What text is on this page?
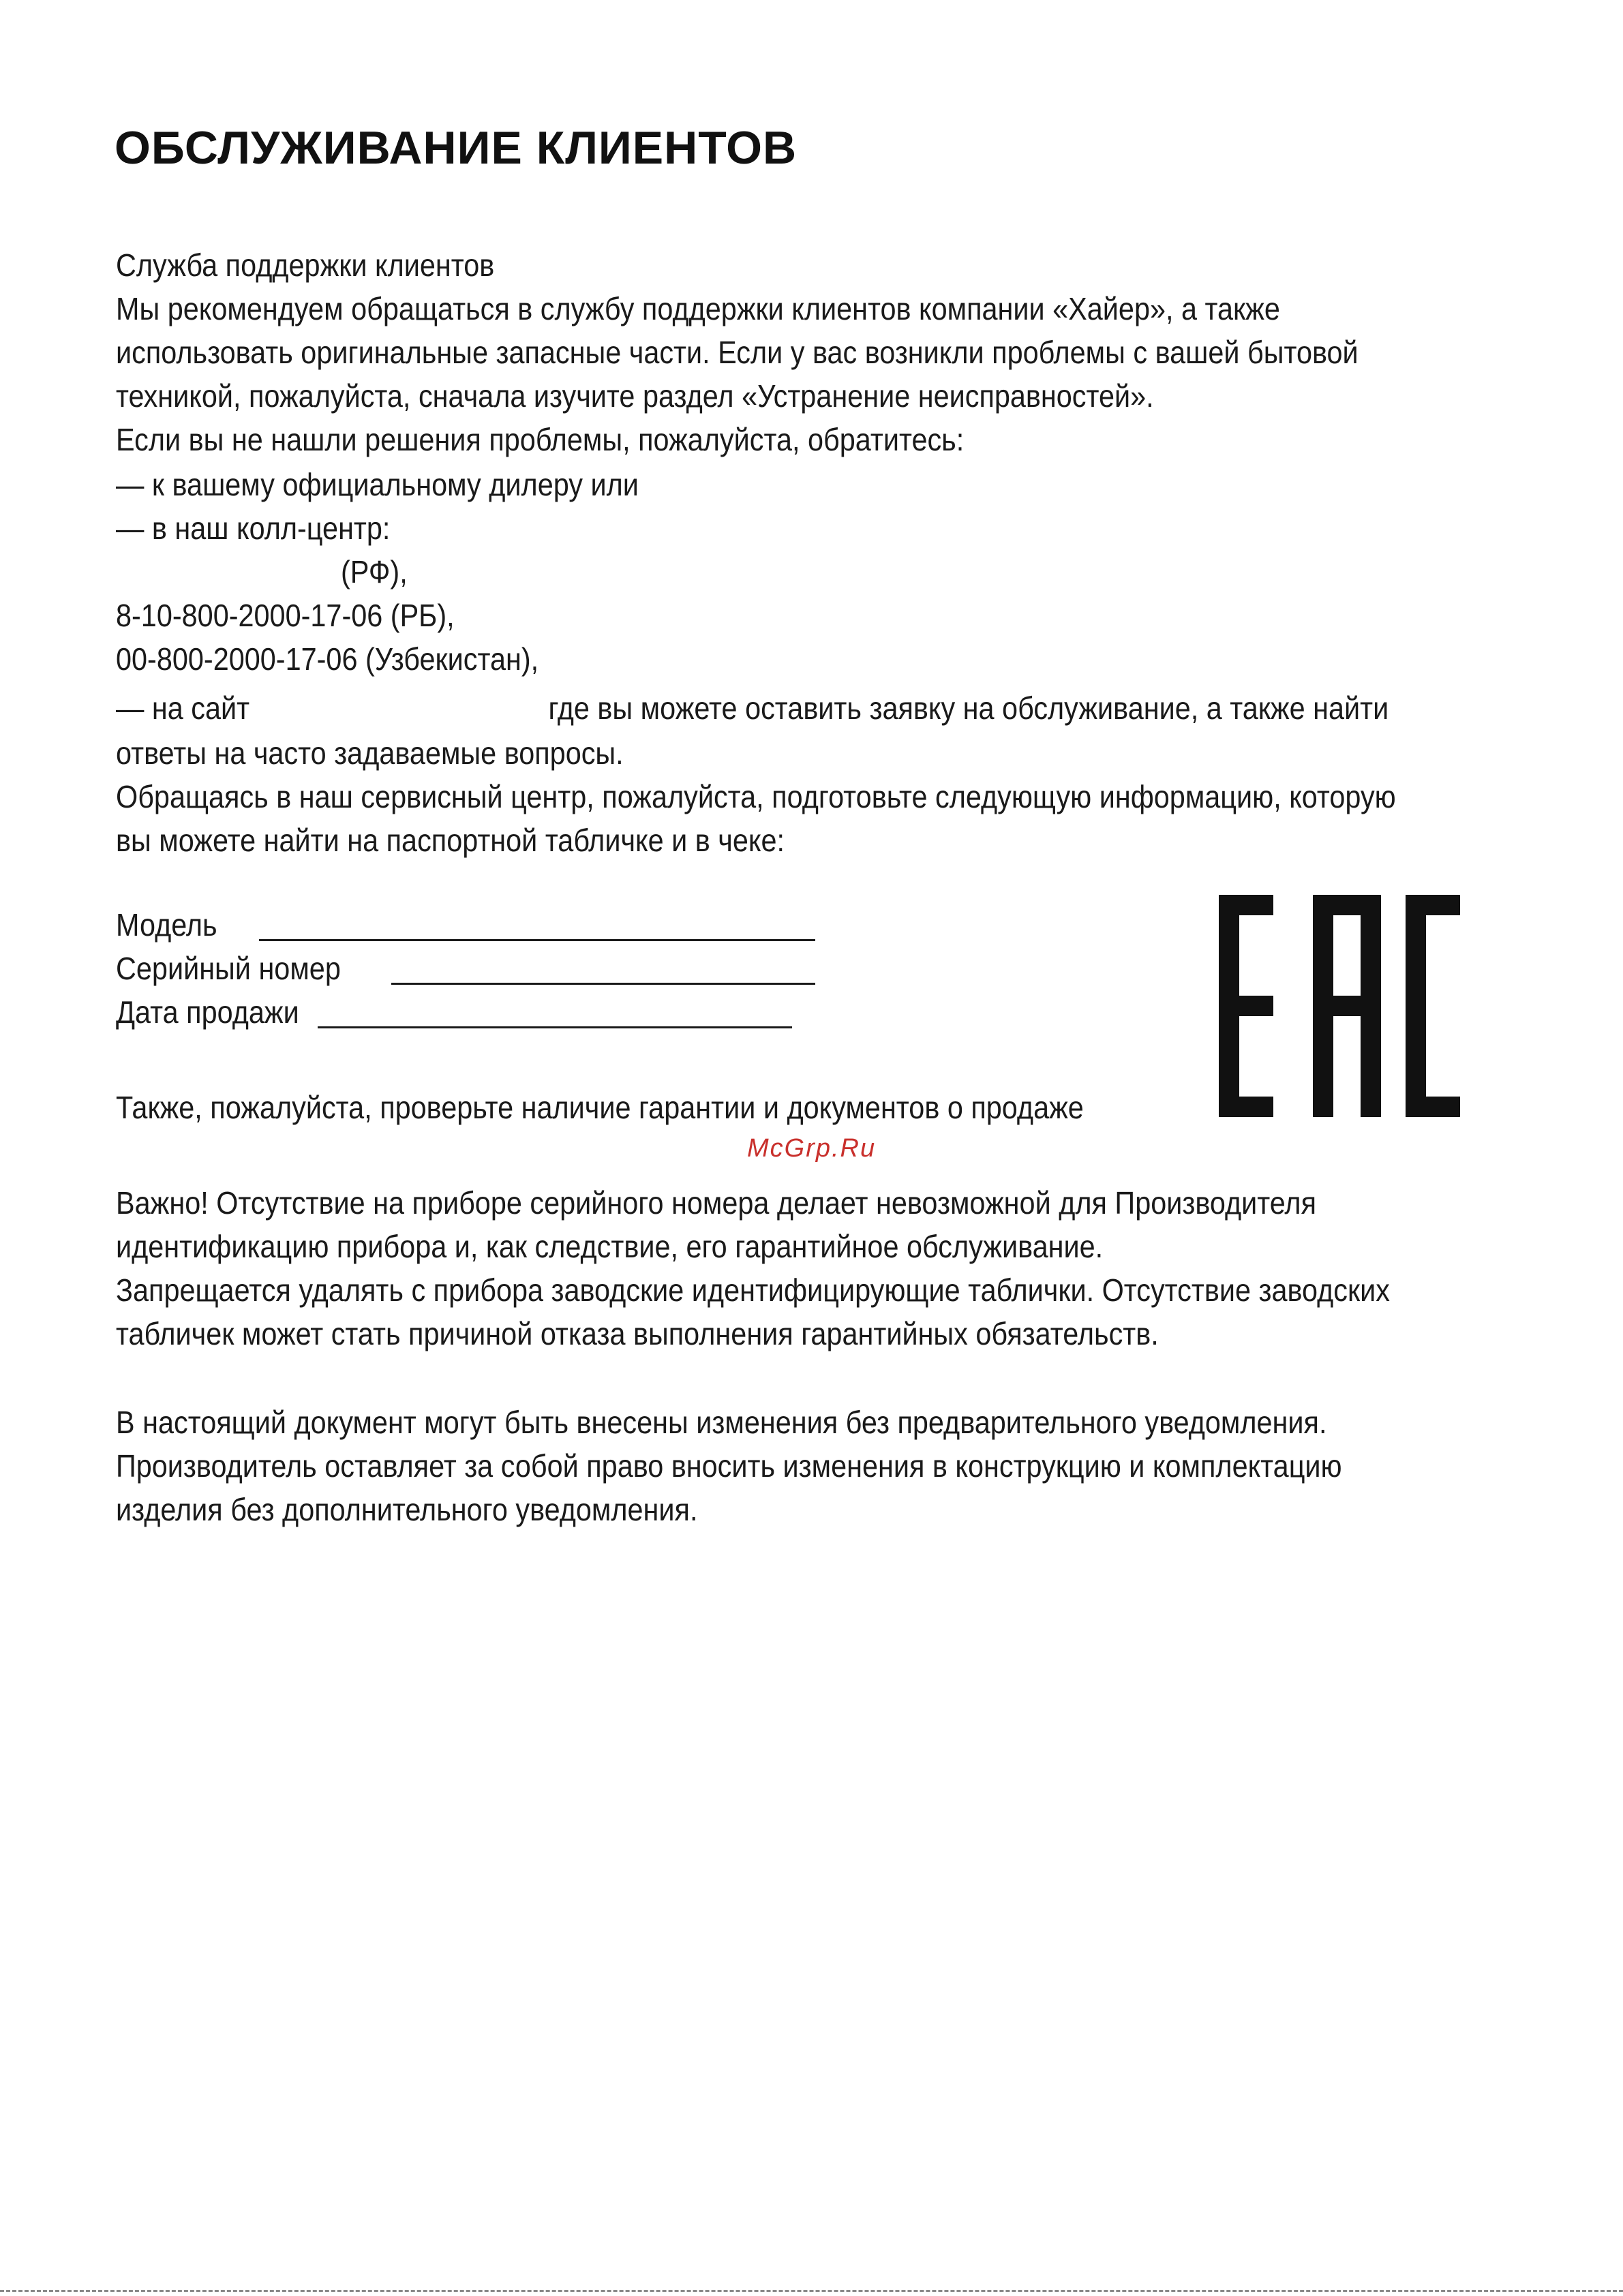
ОБСЛУЖИВАНИЕ КЛИЕНТОВ
Служба поддержки клиентов
Мы рекомендуем обращаться в службу поддержки клиентов компании «Хайер», а также
использовать оригинальные запасные части. Если у вас возникли проблемы с вашей бытовой
техникой, пожалуйста, сначала изучите раздел «Устранение неисправностей».
Если вы не нашли решения проблемы, пожалуйста, обратитесь:
— к вашему официальному дилеру или
— в наш колл-центр:
(РФ),
8-10-800-2000-17-06 (РБ),
00-800-2000-17-06 (Узбекистан),
— на сайт	где вы можете оставить заявку на обслуживание, а также найти
ответы на часто задаваемые вопросы.
Обращаясь в наш сервисный центр, пожалуйста, подготовьте следующую информацию, которую
вы можете найти на паспортной табличке и в чеке:
Модель
Серийный номер
Дата продажи
Также, пожалуйста, проверьте наличие гарантии и документов о продаже
McGrp.Ru
Важно! Отсутствие на приборе серийного номера делает невозможной для Производителя
идентификацию прибора и, как следствие, его гарантийное обслуживание.
Запрещается удалять с прибора заводские идентифицирующие таблички. Отсутствие заводских
табличек может стать причиной отказа выполнения гарантийных обязательств.
В настоящий документ могут быть внесены изменения без предварительного уведомления.
Производитель оставляет за собой право вносить изменения в конструкцию и комплектацию
изделия без дополнительного уведомления.
